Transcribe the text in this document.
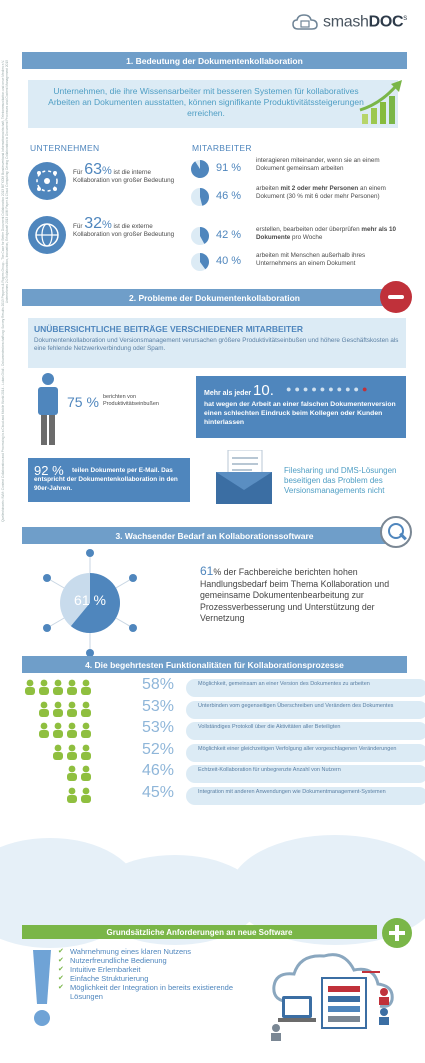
Quellenhinweis: IWM: Content Collaboration and Processing in a Cloud and Mobile World 2014 - Lukas Gödl - Dokumentenbeschaffung: Survey Results 2013 Peppers & Rogers Group - The Case for Better Document Collaboration 2013 BITKOM Bundesverband Informationswirtschaft, Telekommunikation und neue Medien e.V. Unternehmen 2.0 Kollaboration, Innovation, Erfolgskraft 2013 AIIM Paper & Cloud Computing: Driving Collaboration in Document Processes and Content Management 2015
smashDOC$^s$
1. Bedeutung der Dokumentenkollaboration
Unternehmen, die ihre Wissensarbeiter mit besseren Systemen für kollaboratives Arbeiten an Dokumenten ausstatten, können signifikante Produktivitätssteigerungen erreichen.
UNTERNEHMEN	MITARBEITER
Für 63% ist die interne Kollaboration von großer Bedeutung
Für 32% ist die externe Kollaboration von großer Bedeutung
91 %
interagieren miteinander, wenn sie an einem Dokument gemeinsam arbeiten
46 %
arbeiten mit 2 oder mehr Personen an einem Dokument (30 % mit 6 oder mehr Personen)
42 % erstellen, bearbeiten oder überprüfen mehr als 10 Dokumente pro Woche
40 % arbeiten mit Menschen außerhalb ihres Unternehmens an einem Dokument
2. Probleme der Dokumentenkollaboration
UNÜBERSICHTLICHE BEITRÄGE VERSCHIEDENER MITARBEITER
Dokumentenkollaboration und Versionsmanagement verursachen größere Produktivitätseinbußen und höhere Geschäftskosten als eine fehlende Netzwerkverbindung oder Spam.
75 % berichten von Produktivitätseinbußen
Mehr als jeder 10. ● ● ● ● ● ● ● ● ● ●
hat wegen der Arbeit an einer falschen Dokumentenversion einen schlechten Eindruck beim Kollegen oder Kunden hinterlassen
92 %	teilen Dokumente per E-Mail. Das entspricht der Dokumentenkollaboration in den 90er-Jahren.
Filesharing und DMS-Lösungen beseitigen das Problem des Versionsmanagements nicht
3. Wachsender Bedarf an Kollaborationssoftware
61 %
61% der Fachbereiche berichten hohen Handlungsbedarf beim Thema Kollaboration und gemeinsame Dokumentenbearbeitung zur Prozessverbesserung und Unterstützung der Vernetzung
4. Die begehrtesten Funktionalitäten für Kollaborationsprozesse
58%	Möglichkeit, gemeinsam an einer Version des Dokumentes zu arbeiten
53%	Unterbinden vom gegenseitigen Überschreiben und Verändern des Dokumentes
53%	Vollständiges Protokoll über die Aktivitäten aller Beteiligten
52%	Möglichkeit einer gleichzeitigen Verfolgung aller vorgeschlagenen Veränderungen
46%	Echtzeit-Kollaboration für unbegrenzte Anzahl von Nutzern
45%	Integration mit anderen Anwendungen wie Dokumentmanagement-Systemen
Grundsätzliche Anforderungen an neue Software
✔ Wahrnehmung eines klaren Nutzens
✔ Nutzerfreundliche Bedienung
✔ Intuitive Erlernbarkeit
✔ Einfache Strukturierung
✔ Möglichkeit der Integration in bereits existierende Lösungen
